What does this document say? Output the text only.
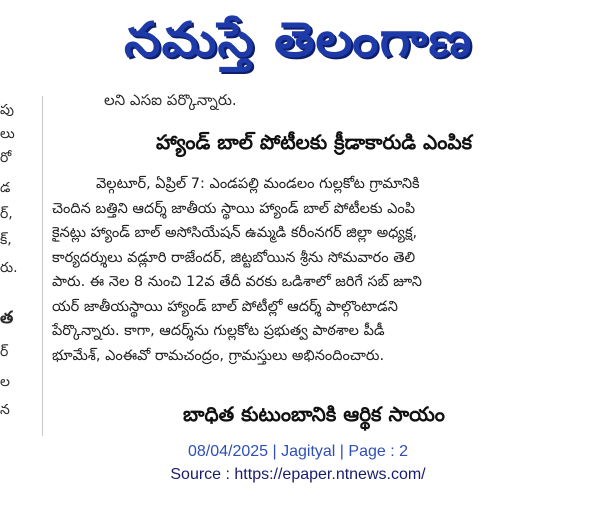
నమస్తే తెలంగాణ
పు
లు
రో
డ
ర్,
క్,
రు.
త
ర్
ల
న
లని ఎసఐ పర్కొన్నారు.
హ్యాండ్ బాల్ పోటీలకు క్రీడాకారుడి ఎంపిక
వెల్గటూర్, ఏప్రిల్ 7: ఎండపల్లి మండలం గుల్లకోట గ్రామానికి
చెందిన బత్తిని ఆదర్శ్ జాతీయ స్థాయి హ్యాండ్ బాల్ పోటీలకు ఎంపి
కైనట్లు హ్యాండ్ బాల్ అసోసియేషన్ ఉమ్మడి కరీంనగర్ జిల్లా అధ్యక్ష,
కార్యదర్శులు వడ్లూరి రాజేందర్, జిట్టబోయిన శ్రీను సోమవారం తెలి
పారు. ఈ నెల 8 నుంచి 12వ తేదీ వరకు ఒడిశాలో జరిగే సబ్ జూని
యర్ జాతీయస్థాయి హ్యాండ్ బాల్ పోటీల్లో ఆదర్శ్ పాల్గొంటాడని
పేర్కొన్నారు. కాగా, ఆదర్శ్‌ను గుల్లకోట ప్రభుత్వ పాఠశాల పీడీ
భూమేశ్, ఎంఈవో రామచంద్రం, గ్రామస్తులు అభినందించారు.
బాధిత కుటుంబానికి ఆర్థిక సాయం
08/04/2025 | Jagityal | Page : 2
Source : https://epaper.ntnews.com/
